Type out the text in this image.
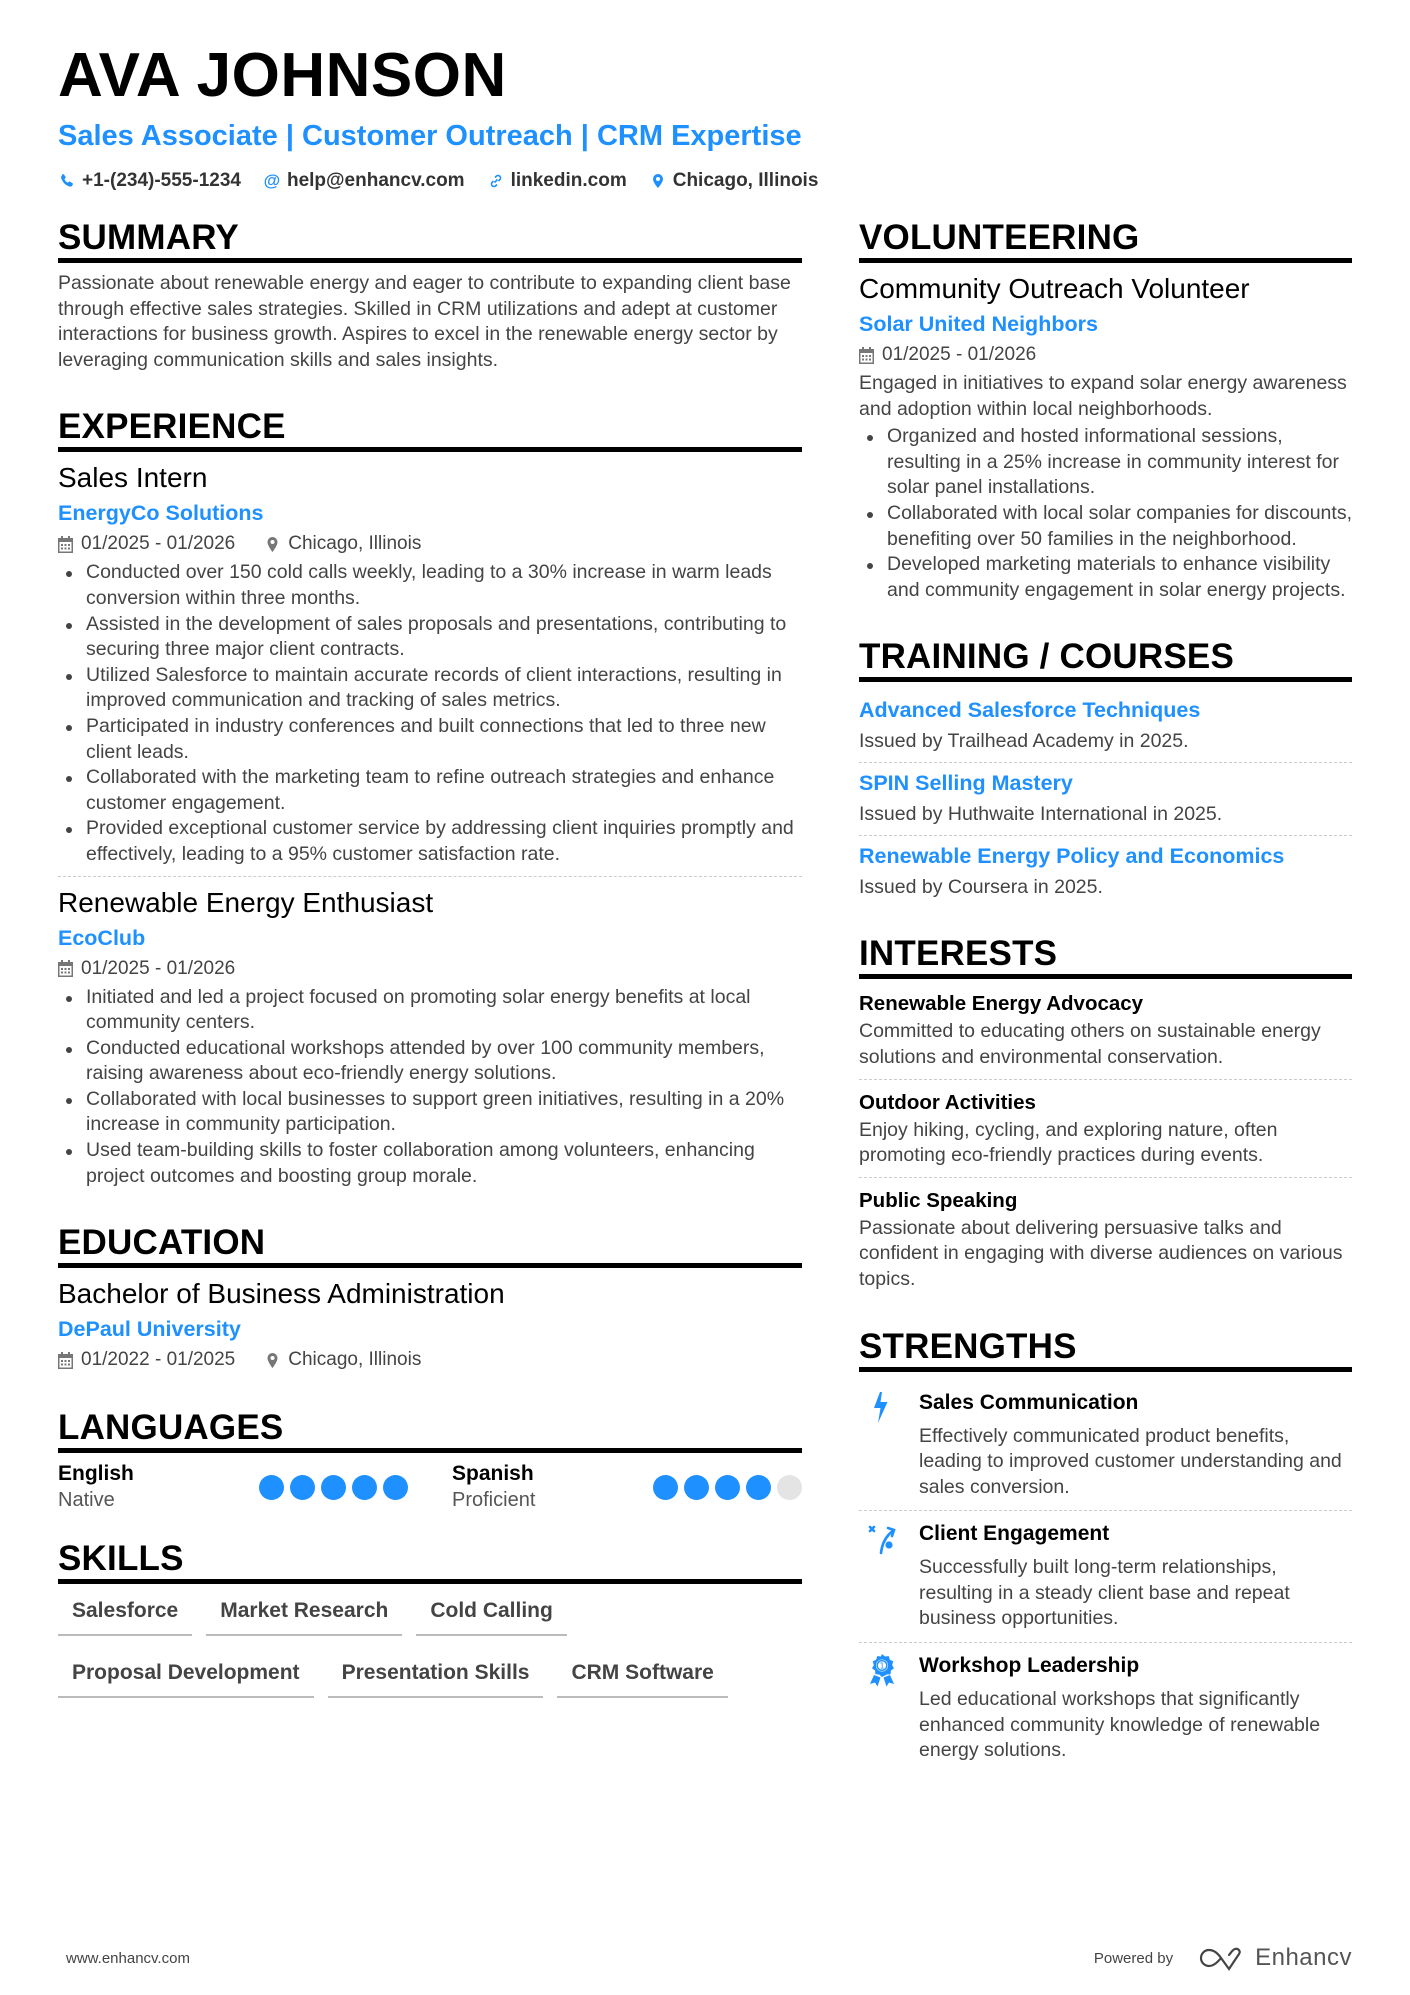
AVA JOHNSON
Sales Associate | Customer Outreach | CRM Expertise
+1-(234)-555-1234 @ help@enhancv.com linkedin.com Chicago, Illinois
SUMMARY
Passionate about renewable energy and eager to contribute to expanding client base through effective sales strategies. Skilled in CRM utilizations and adept at customer interactions for business growth. Aspires to excel in the renewable energy sector by leveraging communication skills and sales insights.
EXPERIENCE
Sales Intern
EnergyCo Solutions
01/2025 - 01/2026	Chicago, Illinois
Conducted over 150 cold calls weekly, leading to a 30% increase in warm leads conversion within three months.
Assisted in the development of sales proposals and presentations, contributing to securing three major client contracts.
Utilized Salesforce to maintain accurate records of client interactions, resulting in improved communication and tracking of sales metrics.
Participated in industry conferences and built connections that led to three new client leads.
Collaborated with the marketing team to refine outreach strategies and enhance customer engagement.
Provided exceptional customer service by addressing client inquiries promptly and effectively, leading to a 95% customer satisfaction rate.
Renewable Energy Enthusiast
EcoClub
01/2025 - 01/2026
Initiated and led a project focused on promoting solar energy benefits at local community centers.
Conducted educational workshops attended by over 100 community members, raising awareness about eco-friendly energy solutions.
Collaborated with local businesses to support green initiatives, resulting in a 20% increase in community participation.
Used team-building skills to foster collaboration among volunteers, enhancing project outcomes and boosting group morale.
EDUCATION
Bachelor of Business Administration
DePaul University
01/2022 - 01/2025	Chicago, Illinois
LANGUAGES
English
Native
Spanish
Proficient
SKILLS
Salesforce	Market Research	Cold Calling
Proposal Development	Presentation Skills	CRM Software
VOLUNTEERING
Community Outreach Volunteer
Solar United Neighbors
01/2025 - 01/2026
Engaged in initiatives to expand solar energy awareness and adoption within local neighborhoods.
Organized and hosted informational sessions, resulting in a 25% increase in community interest for solar panel installations.
Collaborated with local solar companies for discounts, benefiting over 50 families in the neighborhood.
Developed marketing materials to enhance visibility and community engagement in solar energy projects.
TRAINING / COURSES
Advanced Salesforce Techniques
Issued by Trailhead Academy in 2025.
SPIN Selling Mastery
Issued by Huthwaite International in 2025.
Renewable Energy Policy and Economics
Issued by Coursera in 2025.
INTERESTS
Renewable Energy Advocacy
Committed to educating others on sustainable energy solutions and environmental conservation.
Outdoor Activities
Enjoy hiking, cycling, and exploring nature, often promoting eco-friendly practices during events.
Public Speaking
Passionate about delivering persuasive talks and confident in engaging with diverse audiences on various topics.
STRENGTHS
Sales Communication
Effectively communicated product benefits, leading to improved customer understanding and sales conversion.
Client Engagement
Successfully built long-term relationships, resulting in a steady client base and repeat business opportunities.
1 Workshop Leadership
Led educational workshops that significantly enhanced community knowledge of renewable energy solutions.
www.enhancv.com	Powered by	Enhancv
